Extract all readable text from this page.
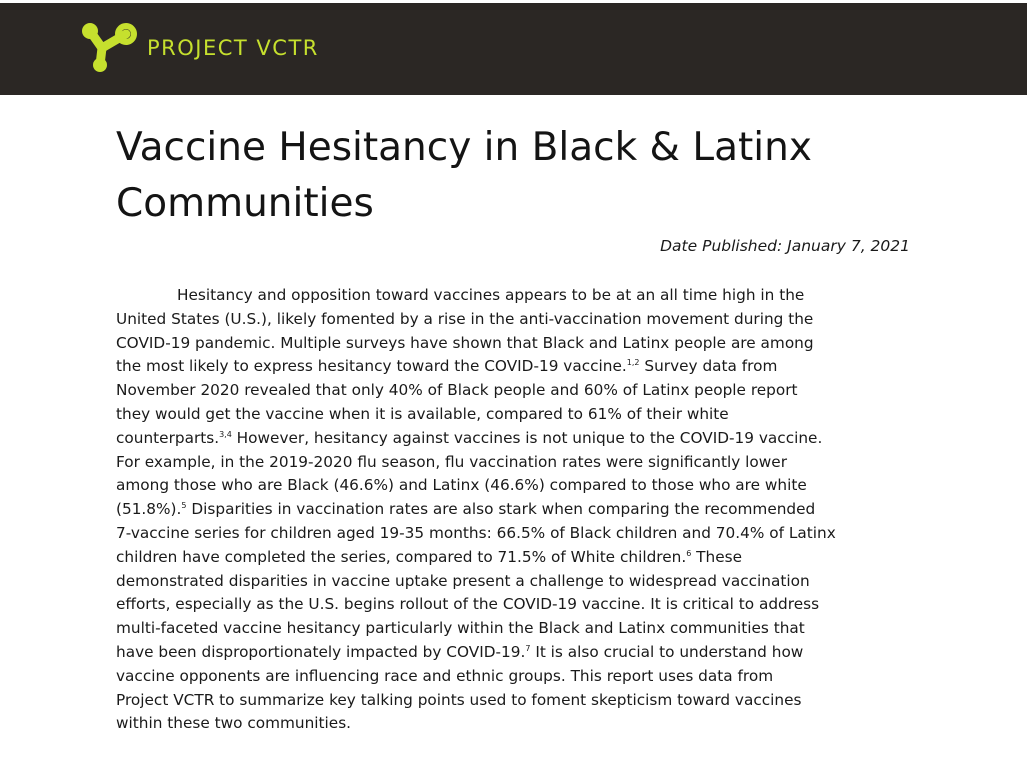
PROJECT VCTR
Vaccine Hesitancy in Black & Latinx
Communities
Date Published: January 7, 2021

Hesitancy and opposition toward vaccines appears to be at an all time high in the
United States (U.S.), likely fomented by a rise in the anti-vaccination movement during the
COVID-19 pandemic. Multiple surveys have shown that Black and Latinx people are among
the most likely to express hesitancy toward the COVID-19 vaccine.$^{1,2}$ Survey data from
November 2020 revealed that only 40% of Black people and 60% of Latinx people report
they would get the vaccine when it is available, compared to 61% of their white
counterparts.$^{3,4}$ However, hesitancy against vaccines is not unique to the COVID-19 vaccine.
For example, in the 2019-2020 flu season, flu vaccination rates were significantly lower
among those who are Black (46.6%) and Latinx (46.6%) compared to those who are white
(51.8%).$^5$ Disparities in vaccination rates are also stark when comparing the recommended
7-vaccine series for children aged 19-35 months: 66.5% of Black children and 70.4% of Latinx
children have completed the series, compared to 71.5% of White children.$^6$ These
demonstrated disparities in vaccine uptake present a challenge to widespread vaccination
efforts, especially as the U.S. begins rollout of the COVID-19 vaccine. It is critical to address
multi-faceted vaccine hesitancy particularly within the Black and Latinx communities that
have been disproportionately impacted by COVID-19.$^7$ It is also crucial to understand how
vaccine opponents are influencing race and ethnic groups. This report uses data from
Project VCTR to summarize key talking points used to foment skepticism toward vaccines
within these two communities.
